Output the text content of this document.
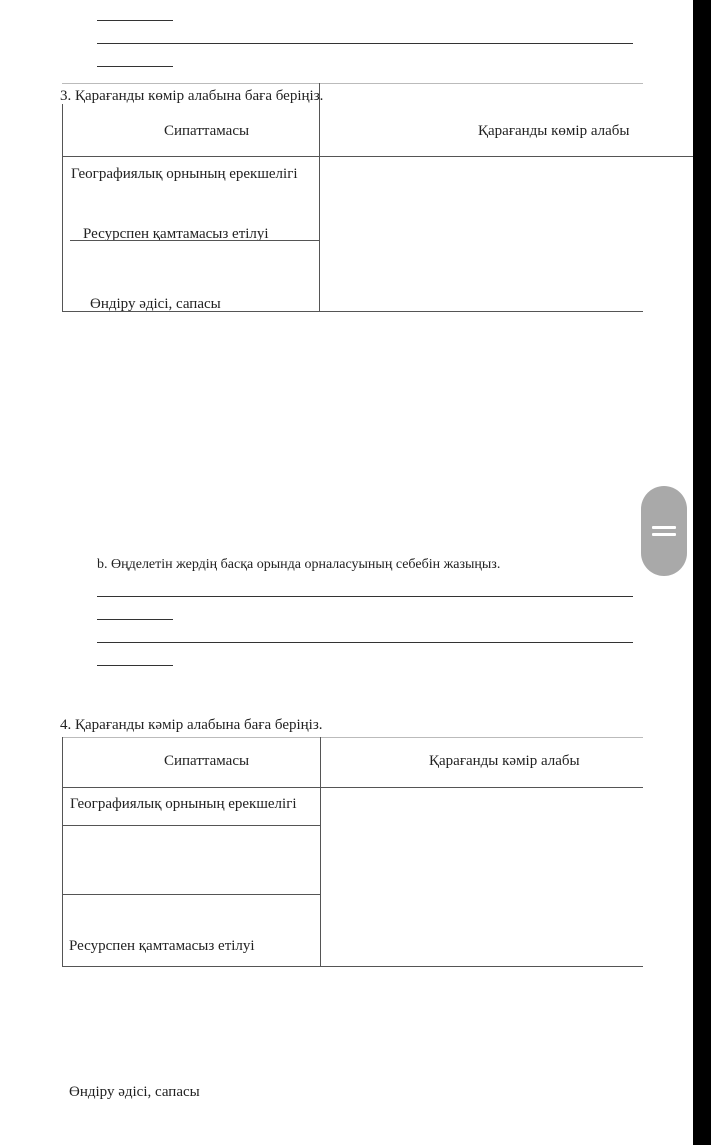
3. Қарағанды көмір алабына баға беріңіз.
Сипаттамасы	Қарағанды көмір алабы
Географиялық орнының ерекшелігі
Ресурспен қамтамасыз етілуі
Өндіру әдісі, сапасы
b. Өңделетін жердің басқа орында орналасуының себебін жазыңыз.
4. Қарағанды кәмір алабына баға беріңіз.
Сипаттамасы	Қарағанды кәмір алабы
Географиялық орнының ерекшелігі
Ресурспен қамтамасыз етілуі
Өндіру әдісі, сапасы
